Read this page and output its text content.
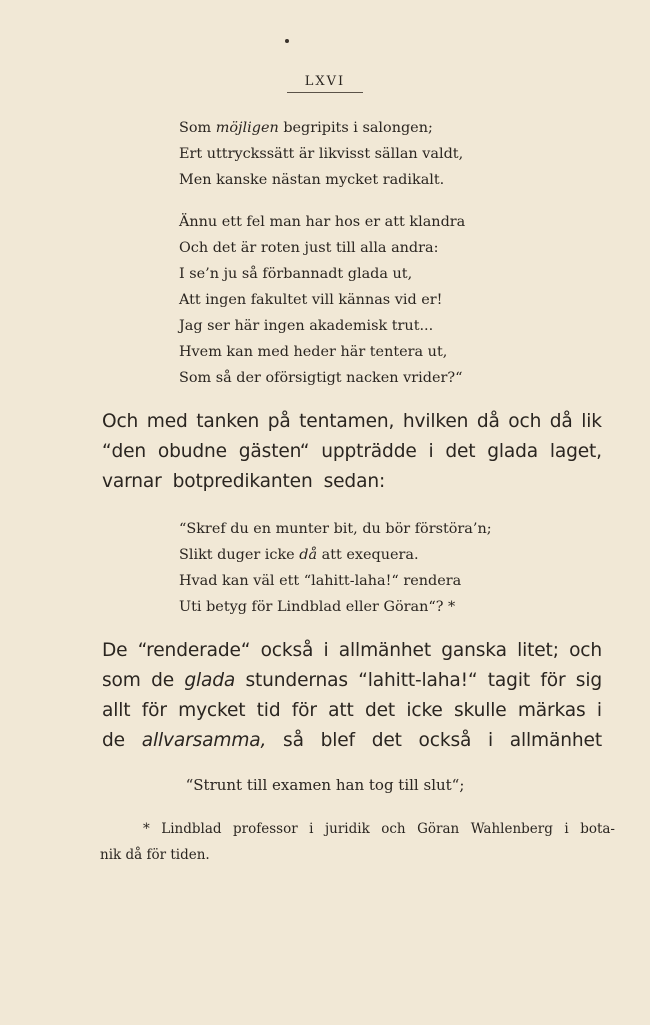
LXVI
Som möjligen begripits i salongen;
Ert uttryckssätt är likvisst sällan valdt,
Men kanske nästan mycket radikalt.
Ännu ett fel man har hos er att klandra
Och det är roten just till alla andra:
I se’n ju så förbannadt glada ut,
Att ingen fakultet vill kännas vid er!
Jag ser här ingen akademisk trut...
Hvem kan med heder här tentera ut,
Som så der oförsigtigt nacken vrider?“
Och med tanken på tentamen, hvilken då och då lik
“den obudne gästen“ uppträdde i det glada laget,
varnar botpredikanten sedan:
“Skref du en munter bit, du bör förstöra’n;
Slikt duger icke då att exequera.
Hvad kan väl ett “lahitt-laha!“ rendera
Uti betyg för Lindblad eller Göran“? *
De “renderade“ också i allmänhet ganska litet; och
som de glada stundernas “lahitt-laha!“ tagit för sig
allt för mycket tid för att det icke skulle märkas i
de allvarsamma, så blef det också i allmänhet
“Strunt till examen han tog till slut“;
* Lindblad professor i juridik och Göran Wahlenberg i bota-
nik då för tiden.
